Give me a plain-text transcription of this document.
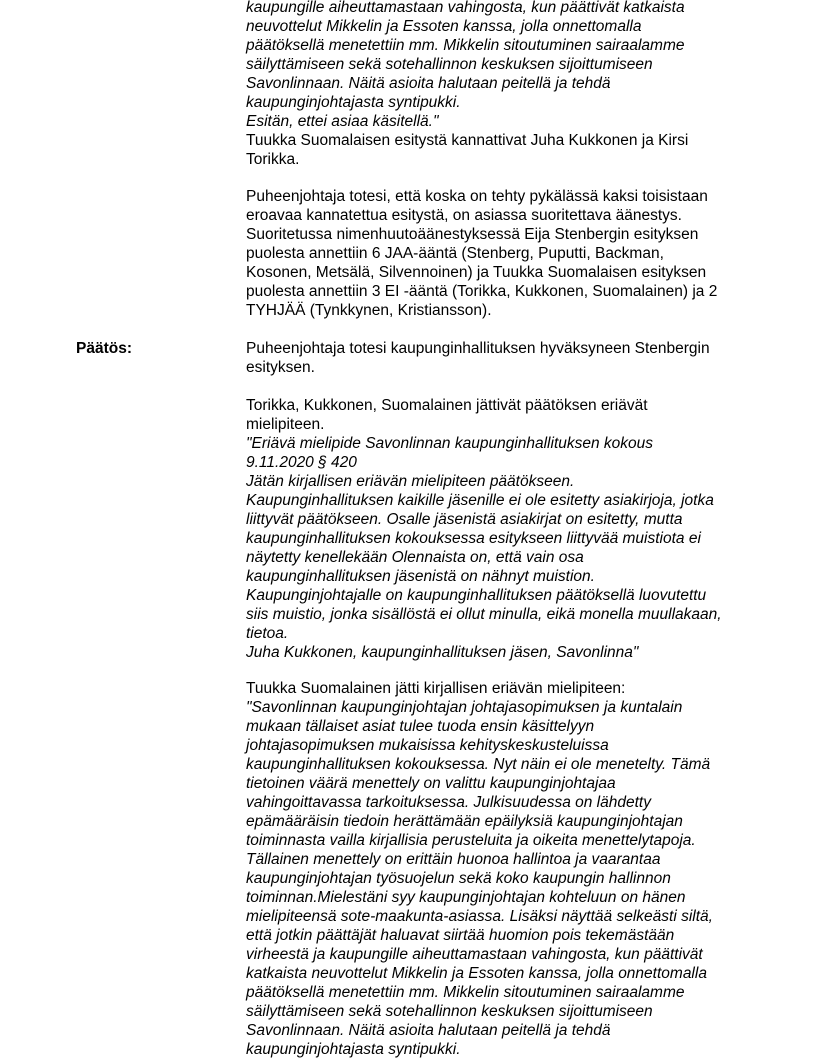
kaupungille aiheuttamastaan vahingosta, kun päättivät katkaista
neuvottelut Mikkelin ja Essoten kanssa, jolla onnettomalla
päätöksellä menetettiin mm. Mikkelin sitoutuminen sairaalamme
säilyttämiseen sekä sotehallinnon keskuksen sijoittumiseen
Savonlinnaan. Näitä asioita halutaan peitellä ja tehdä
kaupunginjohtajasta syntipukki.
Esitän, ettei asiaa käsitellä."
Tuukka Suomalaisen esitystä kannattivat Juha Kukkonen ja Kirsi
Torikka.
Puheenjohtaja totesi, että koska on tehty pykälässä kaksi toisistaan
eroavaa kannatettua esitystä, on asiassa suoritettava äänestys.
Suoritetussa nimenhuutoäänestyksessä Eija Stenbergin esityksen
puolesta annettiin 6 JAA-ääntä (Stenberg, Puputti, Backman,
Kosonen, Metsälä, Silvennoinen) ja Tuukka Suomalaisen esityksen
puolesta annettiin 3 EI -ääntä (Torikka, Kukkonen, Suomalainen) ja 2
TYHJÄÄ (Tynkkynen, Kristiansson).
Päätös:	Puheenjohtaja totesi kaupunginhallituksen hyväksyneen Stenbergin
esityksen.
Torikka, Kukkonen, Suomalainen jättivät päätöksen eriävät
mielipiteen.
"Eriävä mielipide Savonlinnan kaupunginhallituksen kokous
9.11.2020 § 420
Jätän kirjallisen eriävän mielipiteen päätökseen.
Kaupunginhallituksen kaikille jäsenille ei ole esitetty asiakirjoja, jotka
liittyvät päätökseen. Osalle jäsenistä asiakirjat on esitetty, mutta
kaupunginhallituksen kokouksessa esitykseen liittyvää muistiota ei
näytetty kenellekään Olennaista on, että vain osa
kaupunginhallituksen jäsenistä on nähnyt muistion.
Kaupunginjohtajalle on kaupunginhallituksen päätöksellä luovutettu
siis muistio, jonka sisällöstä ei ollut minulla, eikä monella muullakaan,
tietoa.
Juha Kukkonen, kaupunginhallituksen jäsen, Savonlinna"
Tuukka Suomalainen jätti kirjallisen eriävän mielipiteen:
"Savonlinnan kaupunginjohtajan johtajasopimuksen ja kuntalain
mukaan tällaiset asiat tulee tuoda ensin käsittelyyn
johtajasopimuksen mukaisissa kehityskeskusteluissa
kaupunginhallituksen kokouksessa. Nyt näin ei ole menetelty. Tämä
tietoinen väärä menettely on valittu kaupunginjohtajaa
vahingoittavassa tarkoituksessa. Julkisuudessa on lähdetty
epämääräisin tiedoin herättämään epäilyksiä kaupunginjohtajan
toiminnasta vailla kirjallisia perusteluita ja oikeita menettelytapoja.
Tällainen menettely on erittäin huonoa hallintoa ja vaarantaa
kaupunginjohtajan työsuojelun sekä koko kaupungin hallinnon
toiminnan.Mielestäni syy kaupunginjohtajan kohteluun on hänen
mielipiteensä sote-maakunta-asiassa. Lisäksi näyttää selkeästi siltä,
että jotkin päättäjät haluavat siirtää huomion pois tekemästään
virheestä ja kaupungille aiheuttamastaan vahingosta, kun päättivät
katkaista neuvottelut Mikkelin ja Essoten kanssa, jolla onnettomalla
päätöksellä menetettiin mm. Mikkelin sitoutuminen sairaalamme
säilyttämiseen sekä sotehallinnon keskuksen sijoittumiseen
Savonlinnaan. Näitä asioita halutaan peitellä ja tehdä
kaupunginjohtajasta syntipukki.
